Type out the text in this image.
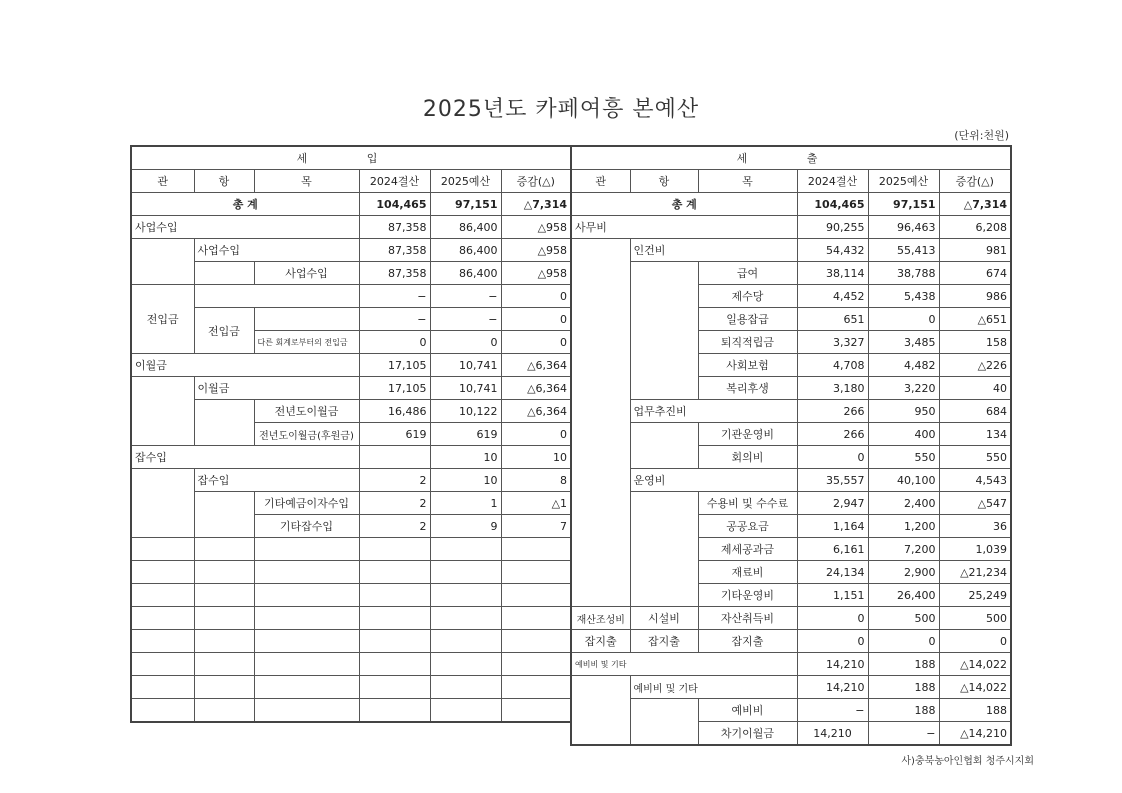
2025년도 카페여흥 본예산
(단위:천원)
세 입					
관	항	목	2024결산	2025예산	증감(△)
총 계			104,465	97,151	△7,314
사업수입			87,358	86,400	△958
	사업수입		87,358	86,400	△958
		사업수입	87,358	86,400	△958
전입금			−	−	0
	전입금		−	−	0
		다른 회계로부터의 전입금	0	0	0
이월금			17,105	10,741	△6,364
	이월금		17,105	10,741	△6,364
		전년도이월금	16,486	10,122	△6,364
		전년도이월금(후원금)	619	619	0
잡수입				10	10
	잡수입		2	10	8
		기타예금이자수입	2	1	△1
		기타잡수입	2	9	7

세 출					
관	항	목	2024결산	2025예산	증감(△)
총 계			104,465	97,151	△7,314
사무비			90,255	96,463	6,208
	인건비		54,432	55,413	981
		급여	38,114	38,788	674
		제수당	4,452	5,438	986
		일용잡급	651	0	△651
		퇴직적립금	3,327	3,485	158
		사회보험	4,708	4,482	△226
		복리후생	3,180	3,220	40
	업무추진비		266	950	684
		기관운영비	266	400	134
		회의비	0	550	550
	운영비		35,557	40,100	4,543
		수용비 및 수수료	2,947	2,400	△547
		공공요금	1,164	1,200	36
		제세공과금	6,161	7,200	1,039
		재료비	24,134	2,900	△21,234
		기타운영비	1,151	26,400	25,249
재산조성비	시설비	자산취득비	0	500	500
잡지출	잡지출	잡지출	0	0	0
예비비 및 기타			14,210	188	△14,022
	예비비 및 기타		14,210	188	△14,022
		예비비	−	188	188
		차기이월금	14,210	−	△14,210
사)충북농아인협회 청주시지회
